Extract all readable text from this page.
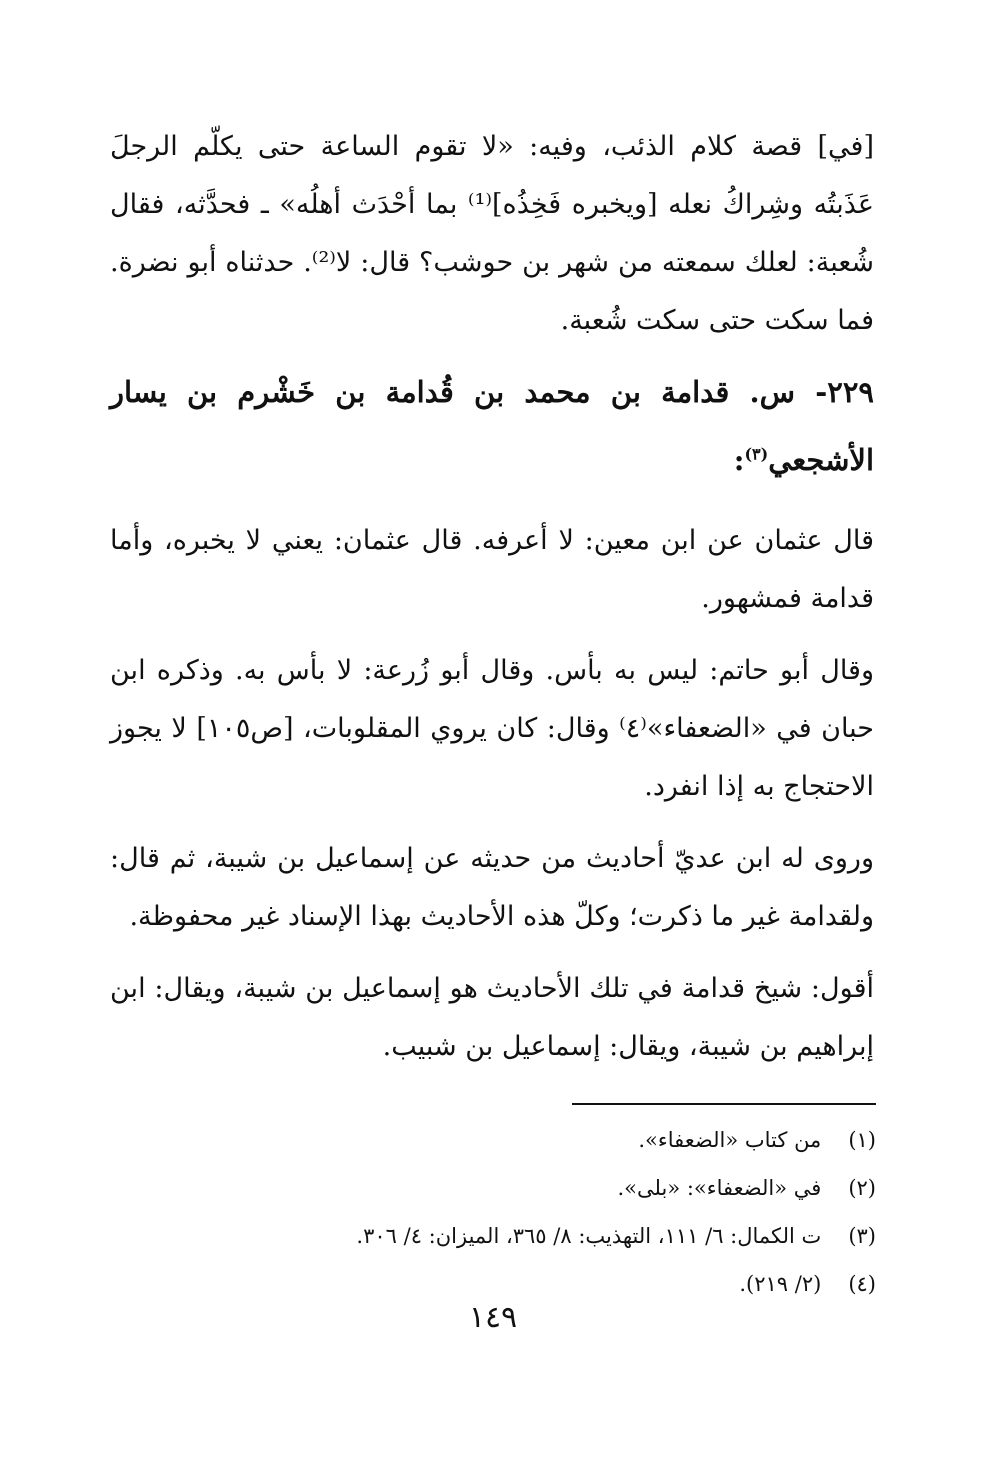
[في] قصة كلام الذئب، وفيه: «لا تقوم الساعة حتى يكلّم الرجلَ عَذَبتُه وشِراكُ نعله [ويخبره فَخِذُه]⁽¹⁾ بما أحْدَث أهلُه» ـ فحدَّثه، فقال شُعبة: لعلك سمعته من شهر بن حوشب؟ قال: لا⁽²⁾. حدثناه أبو نضرة. فما سكت حتى سكت شُعبة.

٢٢٩- س. قدامة بن محمد بن قُدامة بن خَشْرم بن يسار الأشجعي$^{(٣)}$:

قال عثمان عن ابن معين: لا أعرفه. قال عثمان: يعني لا يخبره، وأما قدامة فمشهور.

وقال أبو حاتم: ليس به بأس. وقال أبو زُرعة: لا بأس به. وذكره ابن حبان في «الضعفاء»⁽٤⁾ وقال: كان يروي المقلوبات، [ص١٠٥] لا يجوز الاحتجاج به إذا انفرد.

وروى له ابن عديّ أحاديث من حديثه عن إسماعيل بن شيبة، ثم قال: ولقدامة غير ما ذكرت؛ وكلّ هذه الأحاديث بهذا الإسناد غير محفوظة.

أقول: شيخ قدامة في تلك الأحاديث هو إسماعيل بن شيبة، ويقال: ابن إبراهيم بن شيبة، ويقال: إسماعيل بن شبيب.

(١) من كتاب «الضعفاء».
(٢) في «الضعفاء»: «بلى».
(٣) ت الكمال: ٦/ ١١١، التهذيب: ٨/ ٣٦٥، الميزان: ٤/ ٣٠٦.
(٤) (٢/ ٢١٩).
١٤٩
